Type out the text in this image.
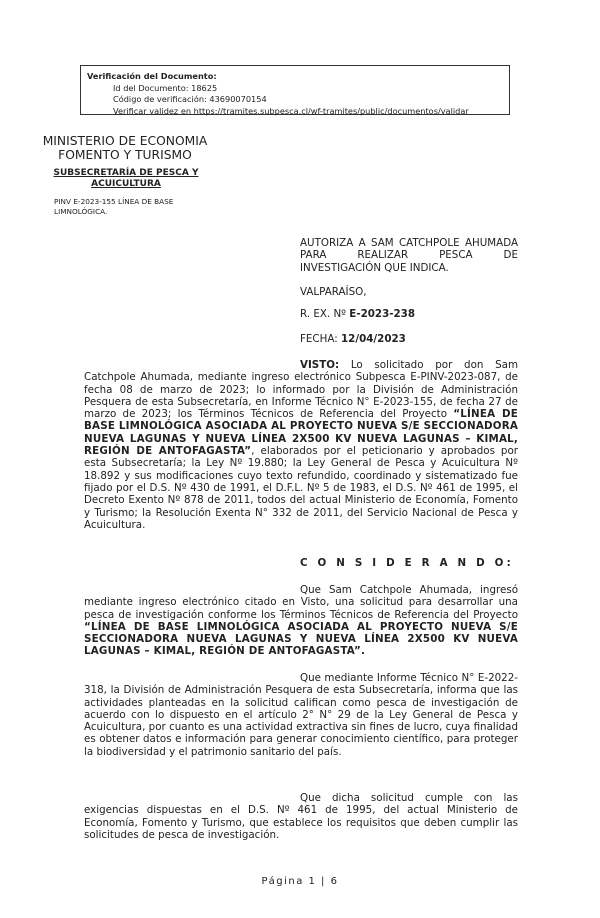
Verificación del Documento:
• Id del Documento: 18625
• Código de verificación: 43690070154
• Verificar validez en https://tramites.subpesca.cl/wf-tramites/public/documentos/validar
MINISTERIO DE ECONOMIA
FOMENTO Y TURISMO
SUBSECRETARÍA DE PESCA Y ACUICULTURA
PINV E-2023-155 LÍNEA DE BASE LIMNOLÓGICA.
AUTORIZA A SAM CATCHPOLE AHUMADA PARA REALIZAR PESCA DE INVESTIGACIÓN QUE INDICA.
VALPARAÍSO,
R. EX. Nº E-2023-238
FECHA: 12/04/2023
VISTO: Lo solicitado por don Sam Catchpole Ahumada, mediante ingreso electrónico Subpesca E-PINV-2023-087, de fecha 08 de marzo de 2023; lo informado por la División de Administración Pesquera de esta Subsecretaría, en Informe Técnico N° E-2023-155, de fecha 27 de marzo de 2023; los Términos Técnicos de Referencia del Proyecto “LÍNEA DE BASE LIMNOLÓGICA ASOCIADA AL PROYECTO NUEVA S/E SECCIONADORA NUEVA LAGUNAS Y NUEVA LÍNEA 2X500 KV NUEVA LAGUNAS – KIMAL, REGIÓN DE ANTOFAGASTA”, elaborados por el peticionario y aprobados por esta Subsecretaría; la Ley Nº 19.880; la Ley General de Pesca y Acuicultura Nº 18.892 y sus modificaciones cuyo texto refundido, coordinado y sistematizado fue fijado por el D.S. Nº 430 de 1991, el D.F.L. Nº 5 de 1983, el D.S. Nº 461 de 1995, el Decreto Exento Nº 878 de 2011, todos del actual Ministerio de Economía, Fomento y Turismo; la Resolución Exenta N° 332 de 2011, del Servicio Nacional de Pesca y Acuicultura.
C O N S I D E R A N D O:
Que Sam Catchpole Ahumada, ingresó mediante ingreso electrónico citado en Visto, una solicitud para desarrollar una pesca de investigación conforme los Términos Técnicos de Referencia del Proyecto “LÍNEA DE BASE LIMNOLÓGICA ASOCIADA AL PROYECTO NUEVA S/E SECCIONADORA NUEVA LAGUNAS Y NUEVA LÍNEA 2X500 KV NUEVA LAGUNAS – KIMAL, REGIÓN DE ANTOFAGASTA”.
Que mediante Informe Técnico N° E-2022-318, la División de Administración Pesquera de esta Subsecretaría, informa que las actividades planteadas en la solicitud califican como pesca de investigación de acuerdo con lo dispuesto en el artículo 2° N° 29 de la Ley General de Pesca y Acuicultura, por cuanto es una actividad extractiva sin fines de lucro, cuya finalidad es obtener datos e información para generar conocimiento científico, para proteger la biodiversidad y el patrimonio sanitario del país.
Que dicha solicitud cumple con las exigencias dispuestas en el D.S. Nº 461 de 1995, del actual Ministerio de Economía, Fomento y Turismo, que establece los requisitos que deben cumplir las solicitudes de pesca de investigación.
Página 1 | 6
